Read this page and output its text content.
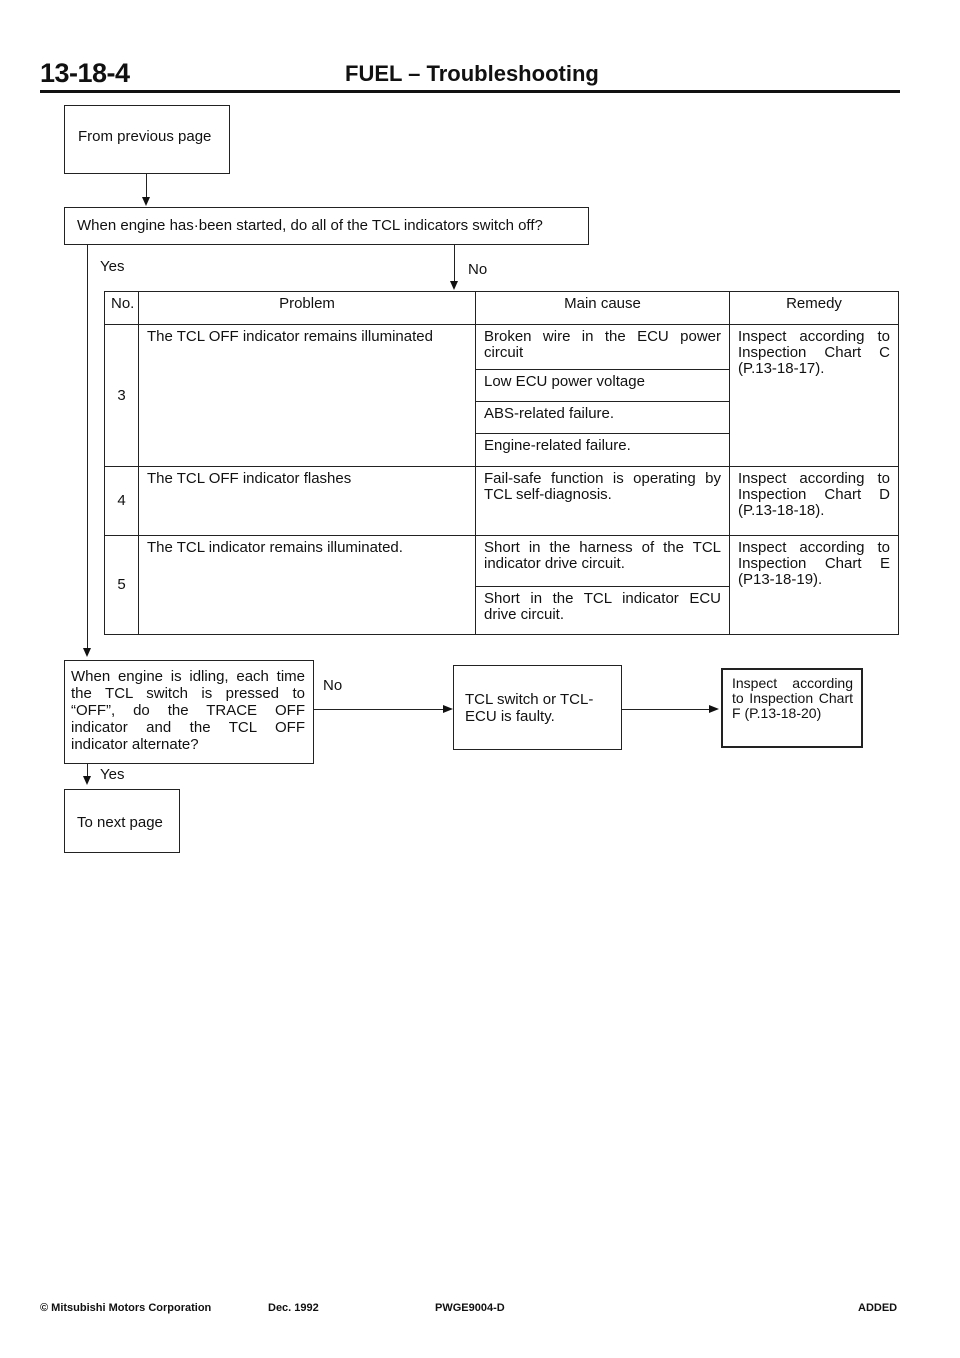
13-18-4	FUEL – Troubleshooting
From previous page
When engine has·been started, do all of the TCL indicators switch off?
Yes	No
No.	Problem	Main cause	Remedy
3	The TCL OFF indicator remains illuminated	Broken wire in the ECU power circuit	Inspect according to Inspection Chart C (P.13-18-17).
		Low ECU power voltage	
		ABS-related failure.	
		Engine-related failure.	
4	The TCL OFF indicator flashes	Fail-safe function is operating by TCL self-diagnosis.	Inspect according to Inspection Chart D (P.13-18-18).
5	The TCL indicator remains illuminated.	Short in the harness of the TCL indicator drive circuit.	Inspect according to Inspection Chart E (P13-18-19).
		Short in the TCL indicator ECU drive circuit.	
When engine is idling, each time the TCL switch is pressed to “OFF”, do the TRACE OFF indicator and the TCL OFF indicator alternate?
No
TCL switch or TCL-ECU is faulty.
Inspect according to Inspection Chart F (P.13-18-20)
Yes
To next page
© Mitsubishi Motors Corporation	Dec. 1992	PWGE9004-D	ADDED
